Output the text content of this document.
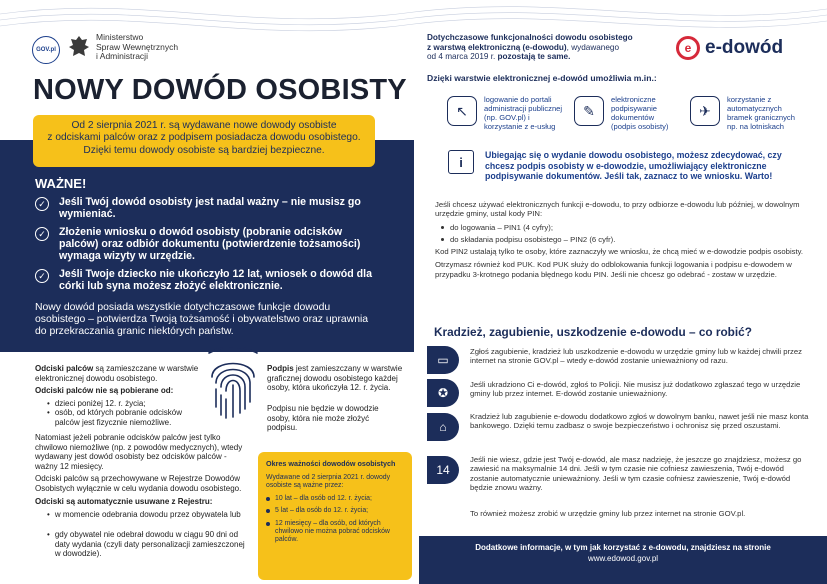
GOV.pl
Ministerstwo
Spraw Wewnętrznych
i Administracji
NOWY DOWÓD OSOBISTY
Od 2 sierpnia 2021 r. są wydawane nowe dowody osobiste
z odciskami palców oraz z podpisem posiadacza dowodu osobistego.
Dzięki temu dowody osobiste są bardziej bezpieczne.
WAŻNE!
✓	Jeśli Twój dowód osobisty jest nadal ważny – nie musisz go wymieniać.
✓	Złożenie wniosku o dowód osobisty (pobranie odcisków palców) oraz odbiór dokumentu (potwierdzenie tożsamości) wymaga wizyty w urzędzie.
✓	Jeśli Twoje dziecko nie ukończyło 12 lat, wniosek o dowód dla córki lub syna możesz złożyć elektronicznie.
Nowy dowód posiada wszystkie dotychczasowe funkcje dowodu osobistego – potwierdza Twoją tożsamość i obywatelstwo oraz uprawnia do przekraczania granic niektórych państw.
Odciski palców są zamieszczane w warstwie elektronicznej dowodu osobistego.
Odciski palców nie są pobierane od:
• dzieci poniżej 12. r. życia;
• osób, od których pobranie odcisków palców jest fizycznie niemożliwe.
Natomiast jeżeli pobranie odcisków palców jest tylko chwilowo niemożliwe (np. z powodów medycznych), wtedy wydawany jest dowód osobisty bez odcisków palców - ważny 12 miesięcy.
Odciski palców są przechowywane w Rejestrze Dowodów Osobistych wyłącznie w celu wydania dowodu osobistego.
Odciski są automatycznie usuwane z Rejestru:
• w momencie odebrania dowodu przez obywatela lub
• gdy obywatel nie odebrał dowodu w ciągu 90 dni od daty wydania (czyli daty personalizacji zamieszczonej w dowodzie).
Podpis jest zamieszczany w warstwie graficznej dowodu osobistego każdej osoby, która ukończyła 12. r. życia.
Podpisu nie będzie w dowodzie osoby, która nie może złożyć podpisu.
Okres ważności dowodów osobistych
Wydawane od 2 sierpnia 2021 r. dowody osobiste są ważne przez:
10 lat – dla osób od 12. r. życia;
5 lat – dla osób do 12. r. życia;
12 miesięcy – dla osób, od których chwilowo nie można pobrać odcisków palców.
Dotychczasowe funkcjonalności dowodu osobistego
z warstwą elektroniczną (e-dowodu), wydawanego
od 4 marca 2019 r. pozostają te same.
e e-dowód
Dzięki warstwie elektronicznej e-dowód umożliwia m.in.:
↖
logowanie do portali administracji publicznej (np. GOV.pl) i korzystanie z e-usług
✎
elektroniczne podpisywanie dokumentów (podpis osobisty)
✈
korzystanie z automatycznych bramek granicznych np. na lotniskach
i	Ubiegając się o wydanie dowodu osobistego, możesz zdecydować, czy chcesz podpis osobisty w e-dowodzie, umożliwiający elektroniczne podpisywanie dokumentów. Jeśli tak, zaznacz to we wniosku. Warto!

Jeśli chcesz używać elektronicznych funkcji e-dowodu, to przy odbiorze e-dowodu lub później, w dowolnym urzędzie gminy, ustal kody PIN:

do logowania – PIN1 (4 cyfry);
do składania podpisu osobistego – PIN2 (6 cyfr).

Kod PIN2 ustalają tylko te osoby, które zaznaczyły we wniosku, że chcą mieć w e-dowodzie podpis osobisty.

Otrzymasz również kod PUK. Kod PUK służy do odblokowania funkcji logowania i podpisu e-dowodem w przypadku 3-krotnego podania błędnego kodu PIN. Jeśli nie chcesz go odebrać - zostaw w urzędzie.

Kradzież, zagubienie, uszkodzenie e-dowodu – co robić?
▭
Zgłoś zagubienie, kradzież lub uszkodzenie e-dowodu w urzędzie gminy lub w każdej chwili przez internet na stronie GOV.pl – wtedy e-dowód zostanie unieważniony od razu.
✪
Jeśli ukradziono Ci e-dowód, zgłoś to Policji. Nie musisz już dodatkowo zgłaszać tego w urzędzie gminy lub przez internet. E-dowód zostanie unieważniony.
⌂
Kradzież lub zagubienie e-dowodu dodatkowo zgłoś w dowolnym banku, nawet jeśli nie masz konta bankowego. Dzięki temu zadbasz o swoje bezpieczeństwo i ochronisz się przed oszustami.
14
Jeśli nie wiesz, gdzie jest Twój e-dowód, ale masz nadzieję, że jeszcze go znajdziesz, możesz go zawiesić na maksymalnie 14 dni. Jeśli w tym czasie nie cofniesz zawieszenia, Twój e-dowód zostanie automatycznie unieważniony. Jeśli w tym czasie cofniesz zawieszenie, Twój e-dowód będzie znowu ważny.
To również możesz zrobić w urzędzie gminy lub przez internet na stronie GOV.pl.
Dodatkowe informacje, w tym jak korzystać z e-dowodu, znajdziesz na stronie
www.edowod.gov.pl
